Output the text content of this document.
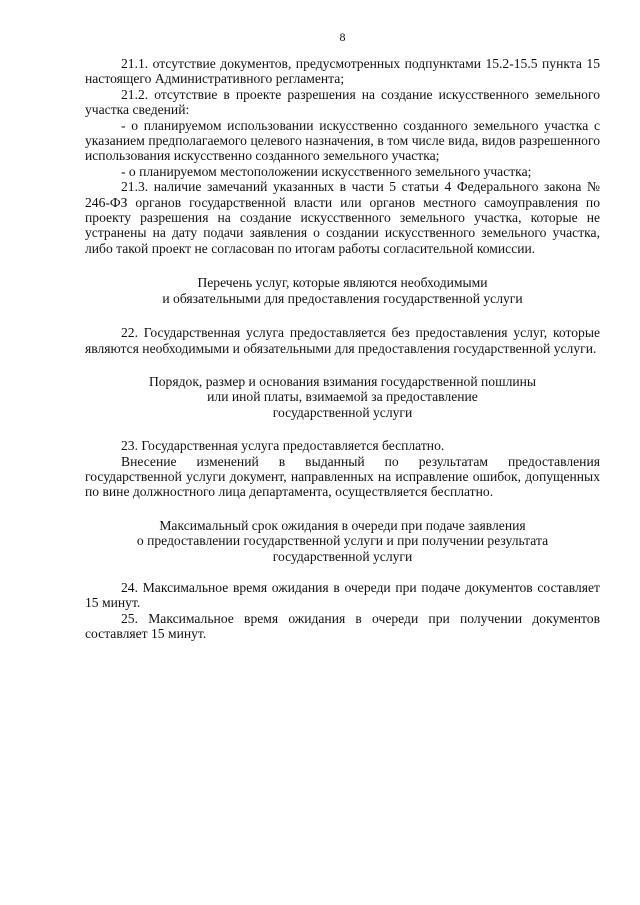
8

21.1. отсутствие документов, предусмотренных подпунктами 15.2-15.5 пункта 15 настоящего Административного регламента;

21.2. отсутствие в проекте разрешения на создание искусственного земельного участка сведений:

- о планируемом использовании искусственно созданного земельного участка с указанием предполагаемого целевого назначения, в том числе вида, видов разрешенного использования искусственно созданного земельного участка;

- о планируемом местоположении искусственного земельного участка;

21.3. наличие замечаний указанных в части 5 статьи 4 Федерального закона № 246-ФЗ органов государственной власти или органов местного самоуправления по проекту разрешения на создание искусственного земельного участка, которые не устранены на дату подачи заявления о создании искусственного земельного участка, либо такой проект не согласован по итогам работы согласительной комиссии.

Перечень услуг, которые являются необходимыми

и обязательными для предоставления государственной услуги

22. Государственная услуга предоставляется без предоставления услуг, которые являются необходимыми и обязательными для предоставления государственной услуги.

Порядок, размер и основания взимания государственной пошлины

или иной платы, взимаемой за предоставление

государственной услуги

23. Государственная услуга предоставляется бесплатно.

Внесение изменений в выданный по результатам предоставления государственной услуги документ, направленных на исправление ошибок, допущенных по вине должностного лица департамента, осуществляется бесплатно.

Максимальный срок ожидания в очереди при подаче заявления

о предоставлении государственной услуги и при получении результата

государственной услуги

24. Максимальное время ожидания в очереди при подаче документов составляет 15 минут.

25. Максимальное время ожидания в очереди при получении документов составляет 15 минут.
